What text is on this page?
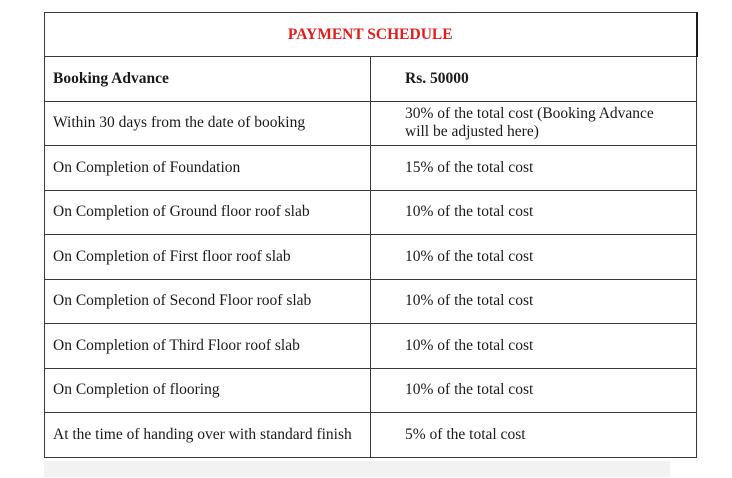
PAYMENT SCHEDULE	
Booking Advance	Rs. 50000
Within 30 days from the date of booking	30% of the total cost (Booking Advance will be adjusted here)
On Completion of Foundation	15% of the total cost
On Completion of Ground floor roof slab	10% of the total cost
On Completion of First floor roof slab	10% of the total cost
On Completion of Second Floor roof slab	10% of the total cost
On Completion of Third Floor roof slab	10% of the total cost
On Completion of flooring	10% of the total cost
At the time of handing over with standard finish	5% of the total cost
